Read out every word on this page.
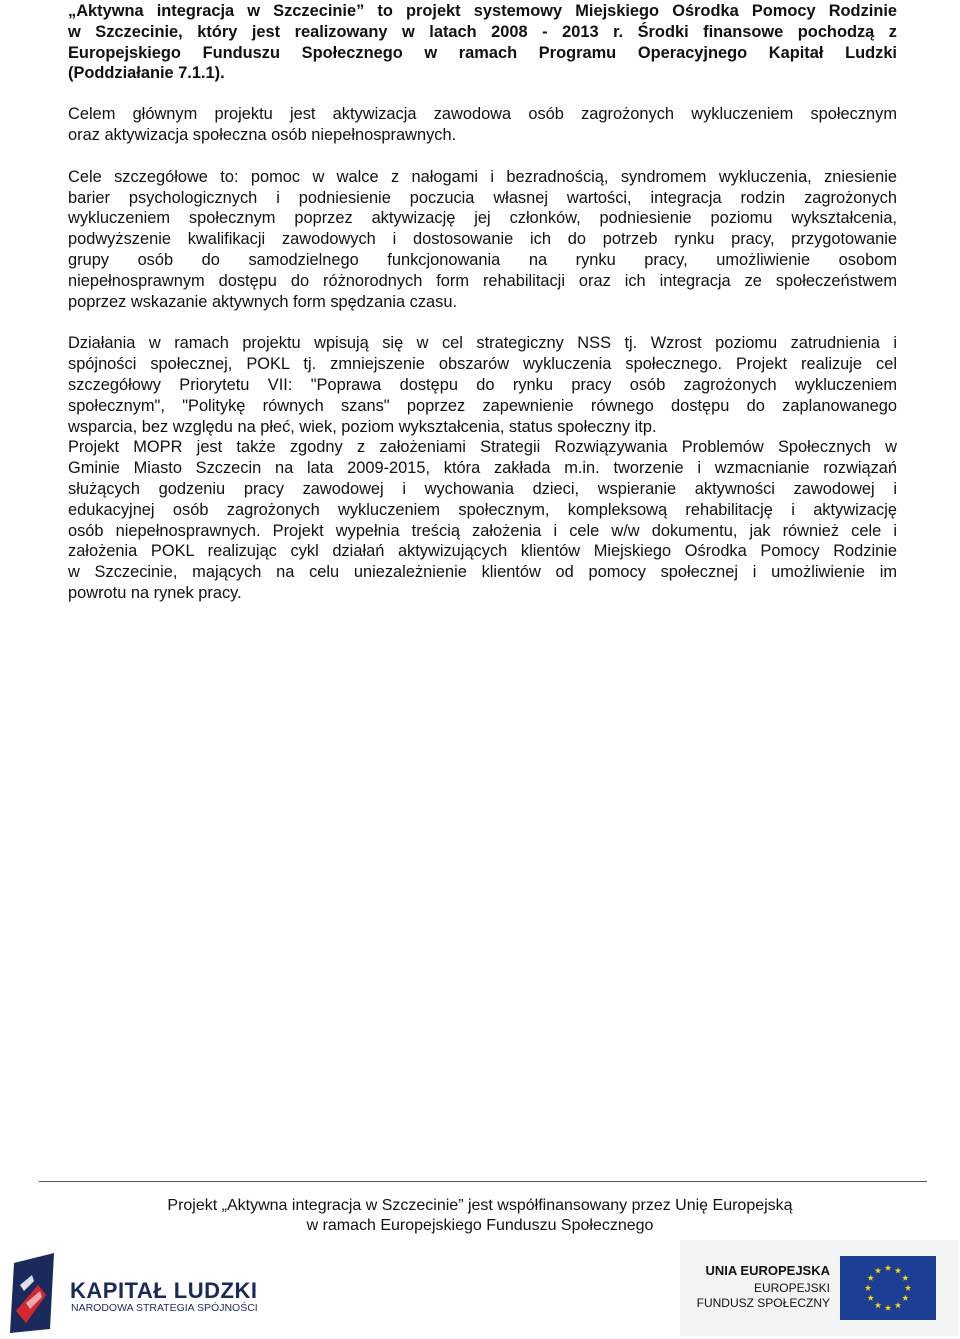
„Aktywna integracja w Szczecinie” to projekt systemowy Miejskiego Ośrodka Pomocy Rodzinie
w Szczecinie, który jest realizowany w latach 2008 - 2013 r. Środki finansowe pochodzą z
Europejskiego Funduszu Społecznego w ramach Programu Operacyjnego Kapitał Ludzki
(Poddziałanie 7.1.1).

Celem głównym projektu jest aktywizacja zawodowa osób zagrożonych wykluczeniem społecznym
oraz aktywizacja społeczna osób niepełnosprawnych.

Cele szczegółowe to: pomoc w walce z nałogami i bezradnością, syndromem wykluczenia, zniesienie
barier psychologicznych i podniesienie poczucia własnej wartości, integracja rodzin zagrożonych
wykluczeniem społecznym poprzez aktywizację jej członków, podniesienie poziomu wykształcenia,
podwyższenie kwalifikacji zawodowych i dostosowanie ich do potrzeb rynku pracy, przygotowanie
grupy osób do samodzielnego funkcjonowania na rynku pracy, umożliwienie osobom
niepełnosprawnym dostępu do różnorodnych form rehabilitacji oraz ich integracja ze społeczeństwem
poprzez wskazanie aktywnych form spędzania czasu.

Działania w ramach projektu wpisują się w cel strategiczny NSS tj. Wzrost poziomu zatrudnienia i
spójności społecznej, POKL tj. zmniejszenie obszarów wykluczenia społecznego. Projekt realizuje cel
szczegółowy Priorytetu VII: "Poprawa dostępu do rynku pracy osób zagrożonych wykluczeniem
społecznym", "Politykę równych szans" poprzez zapewnienie równego dostępu do zaplanowanego
wsparcia, bez względu na płeć, wiek, poziom wykształcenia, status społeczny itp.
Projekt MOPR jest także zgodny z założeniami Strategii Rozwiązywania Problemów Społecznych w
Gminie Miasto Szczecin na lata 2009-2015, która zakłada m.in. tworzenie i wzmacnianie rozwiązań
służących godzeniu pracy zawodowej i wychowania dzieci, wspieranie aktywności zawodowej i
edukacyjnej osób zagrożonych wykluczeniem społecznym, kompleksową rehabilitację i aktywizację
osób niepełnosprawnych. Projekt wypełnia treścią założenia i cele w/w dokumentu, jak również cele i
założenia POKL realizując cykl działań aktywizujących klientów Miejskiego Ośrodka Pomocy Rodzinie
w Szczecinie, mających na celu uniezależnienie klientów od pomocy społecznej i umożliwienie im
powrotu na rynek pracy.

Projekt „Aktywna integracja w Szczecinie” jest współfinansowany przez Unię Europejską
w ramach Europejskiego Funduszu Społecznego
KAPITAŁ LUDZKI
NARODOWA STRATEGIA SPÓJNOŚCI
UNIA EUROPEJSKA
EUROPEJSKI
FUNDUSZ SPOŁECZNY
